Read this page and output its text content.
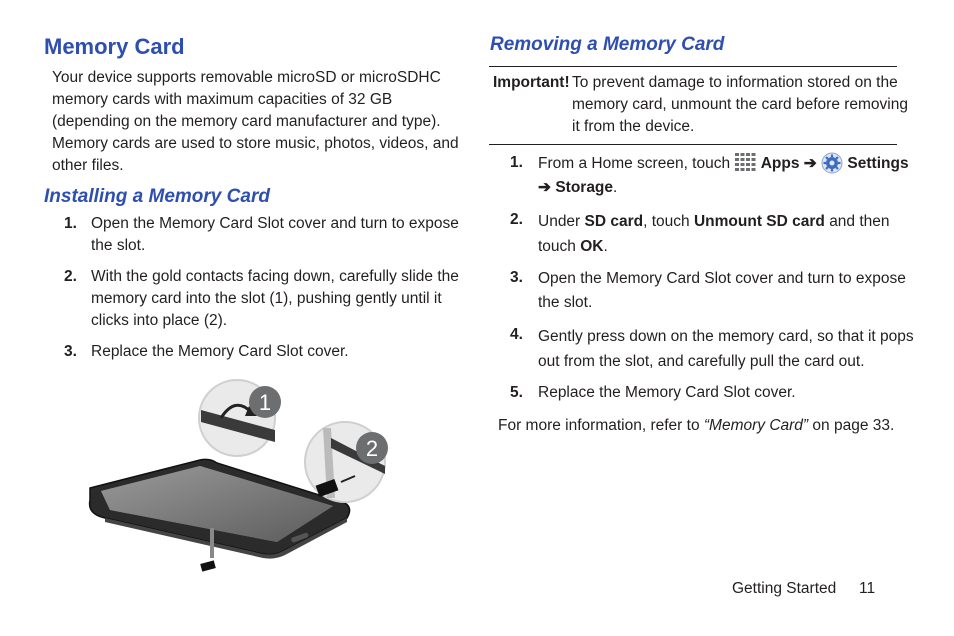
Memory Card
Your device supports removable microSD or microSDHC
memory cards with maximum capacities of 32 GB
(depending on the memory card manufacturer and type).
Memory cards are used to store music, photos, videos, and
other files.
Installing a Memory Card
1. Open the Memory Card Slot cover and turn to expose
the slot.
2. With the gold contacts facing down, carefully slide the
memory card into the slot (1), pushing gently until it
clicks into place (2).
3. Replace the Memory Card Slot cover.
1
2
Removing a Memory Card
Important! To prevent damage to information stored on the
memory card, unmount the card before removing
it from the device.
1. From a Home screen, touch Apps ➔ Settings
➔ Storage.
2. Under SD card, touch Unmount SD card and then
touch OK.
3. Open the Memory Card Slot cover and turn to expose
the slot.
4. Gently press down on the memory card, so that it pops
out from the slot, and carefully pull the card out.
5. Replace the Memory Card Slot cover.
For more information, refer to “Memory Card” on page 33.
Getting Started 11
